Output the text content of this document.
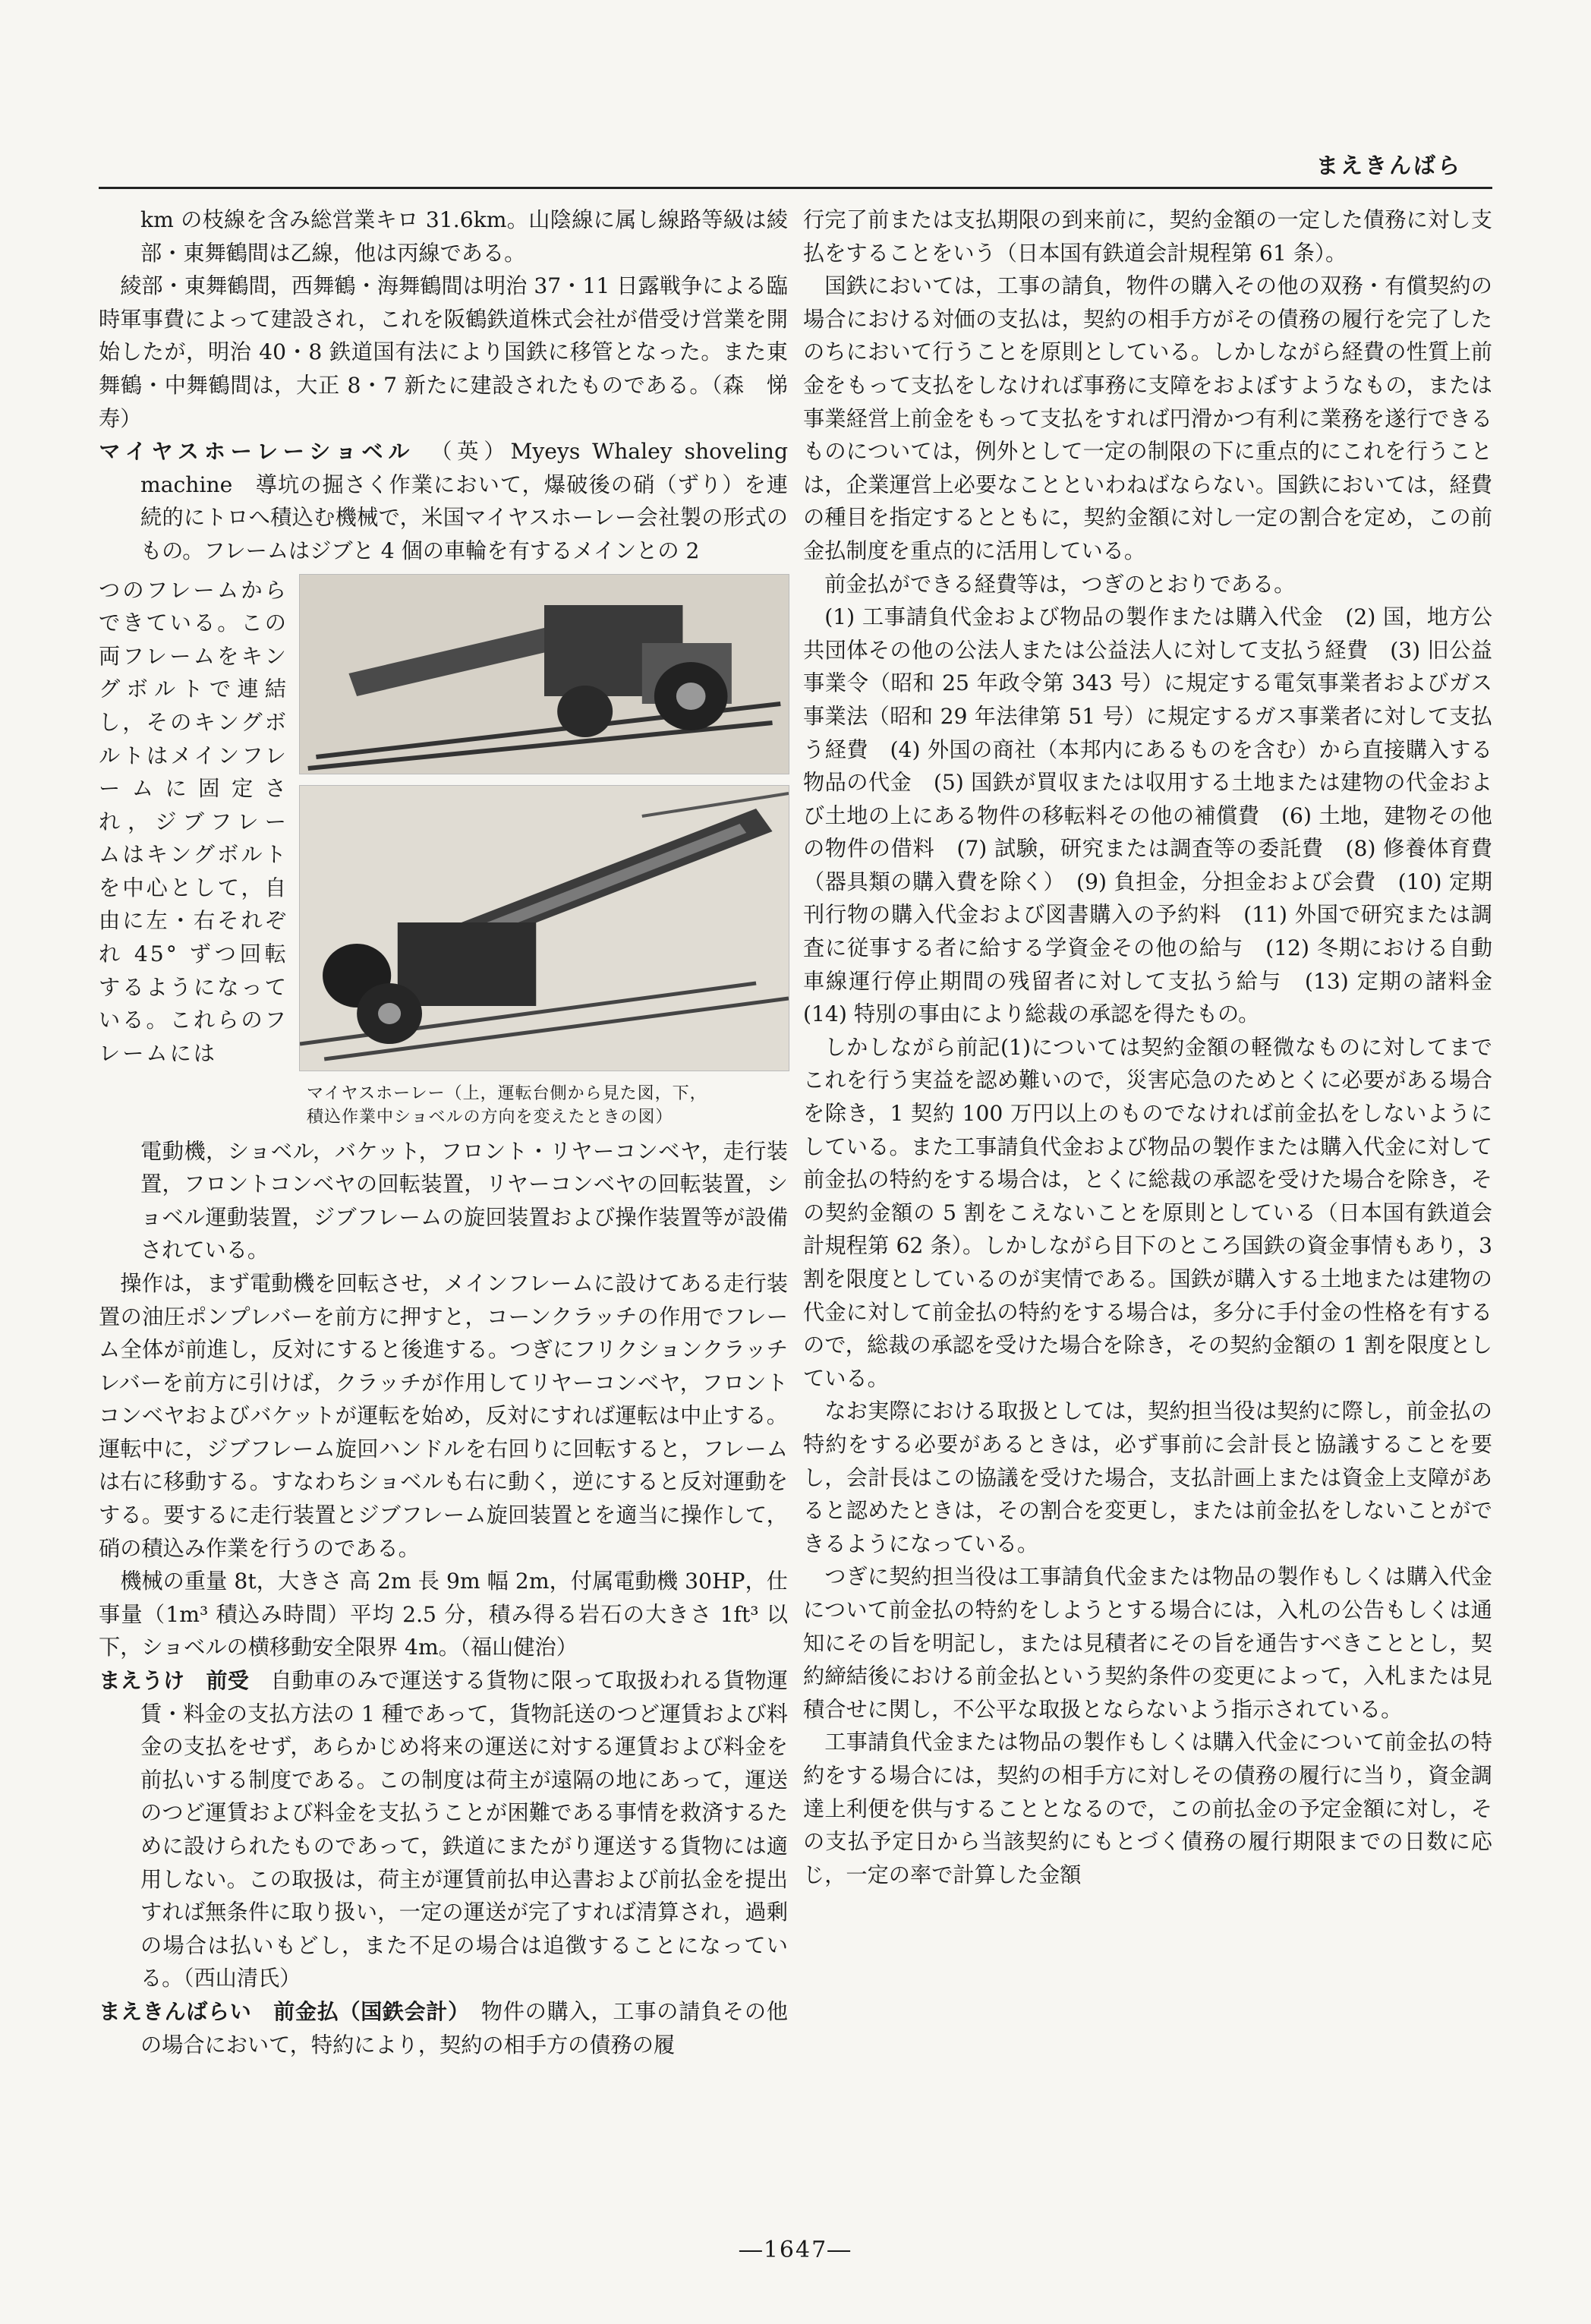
まえきんばら

km の枝線を含み総営業キロ 31.6km。山陰線に属し線路等級は綾部・東舞鶴間は乙線，他は丙線である。

綾部・東舞鶴間，西舞鶴・海舞鶴間は明治 37・11 日露戦争による臨時軍事費によって建設され，これを阪鶴鉄道株式会社が借受け営業を開始したが，明治 40・8 鉄道国有法により国鉄に移管となった。また東舞鶴・中舞鶴間は，大正 8・7 新たに建設されたものである。（森　悌寿）

マイヤスホーレーショベル　 （英）Myeys Whaley shoveling machine　導坑の掘さく作業において，爆破後の硝（ずり）を連続的にトロへ積込む機械で，米国マイヤスホーレー会社製の形式のもの。フレームはジブと 4 個の車輪を有するメインとの 2

つのフレームからできている。この両フレームをキングボルトで連結し，そのキングボルトはメインフレームに固定され，ジブフレームはキングボルトを中心として，自由に左・右それぞれ 45° ずつ回転するようになっている。これらのフレームには
マイヤスホーレー（上，運転台側から見た図，下，
積込作業中ショベルの方向を変えたときの図）

電動機，ショベル，バケット，フロント・リヤーコンベヤ，走行装置，フロントコンベヤの回転装置，リヤーコンベヤの回転装置，ショベル運動装置，ジブフレームの旋回装置および操作装置等が設備されている。

操作は，まず電動機を回転させ，メインフレームに設けてある走行装置の油圧ポンプレバーを前方に押すと，コーンクラッチの作用でフレーム全体が前進し，反対にすると後進する。つぎにフリクションクラッチレバーを前方に引けば，クラッチが作用してリヤーコンベヤ，フロントコンベヤおよびバケットが運転を始め，反対にすれば運転は中止する。運転中に，ジブフレーム旋回ハンドルを右回りに回転すると，フレームは右に移動する。すなわちショベルも右に動く，逆にすると反対運動をする。要するに走行装置とジブフレーム旋回装置とを適当に操作して，硝の積込み作業を行うのである。

機械の重量 8t，大きさ 高 2m 長 9m 幅 2m，付属電動機 30HP，仕事量（1m³ 積込み時間）平均 2.5 分，積み得る岩石の大きさ 1ft³ 以下，ショベルの横移動安全限界 4m。（福山健治）

まえうけ　前受　 自動車のみで運送する貨物に限って取扱われる貨物運賃・料金の支払方法の 1 種であって，貨物託送のつど運賃および料金の支払をせず，あらかじめ将来の運送に対する運賃および料金を前払いする制度である。この制度は荷主が遠隔の地にあって，運送のつど運賃および料金を支払うことが困難である事情を救済するために設けられたものであって，鉄道にまたがり運送する貨物には適用しない。この取扱は，荷主が運賃前払申込書および前払金を提出すれば無条件に取り扱い，一定の運送が完了すれば清算され，過剰の場合は払いもどし，また不足の場合は追徴することになっている。（西山清氏）

まえきんばらい　前金払（国鉄会計）　 物件の購入，工事の請負その他の場合において，特約により，契約の相手方の債務の履

行完了前または支払期限の到来前に，契約金額の一定した債務に対し支払をすることをいう（日本国有鉄道会計規程第 61 条）。

国鉄においては，工事の請負，物件の購入その他の双務・有償契約の場合における対価の支払は，契約の相手方がその債務の履行を完了したのちにおいて行うことを原則としている。しかしながら経費の性質上前金をもって支払をしなければ事務に支障をおよぼすようなもの，または事業経営上前金をもって支払をすれば円滑かつ有利に業務を遂行できるものについては，例外として一定の制限の下に重点的にこれを行うことは，企業運営上必要なことといわねばならない。国鉄においては，経費の種目を指定するとともに，契約金額に対し一定の割合を定め，この前金払制度を重点的に活用している。

前金払ができる経費等は，つぎのとおりである。

(1) 工事請負代金および物品の製作または購入代金　(2) 国，地方公共団体その他の公法人または公益法人に対して支払う経費　(3) 旧公益事業令（昭和 25 年政令第 343 号）に規定する電気事業者およびガス事業法（昭和 29 年法律第 51 号）に規定するガス事業者に対して支払う経費　(4) 外国の商社（本邦内にあるものを含む）から直接購入する物品の代金　(5) 国鉄が買収または収用する土地または建物の代金および土地の上にある物件の移転料その他の補償費　(6) 土地，建物その他の物件の借料　(7) 試験，研究または調査等の委託費　(8) 修養体育費（器具類の購入費を除く）　(9) 負担金，分担金および会費　(10) 定期刊行物の購入代金および図書購入の予約料　(11) 外国で研究または調査に従事する者に給する学資金その他の給与　(12) 冬期における自動車線運行停止期間の残留者に対して支払う給与　(13) 定期の諸料金　(14) 特別の事由により総裁の承認を得たもの。

しかしながら前記(1)については契約金額の軽微なものに対してまでこれを行う実益を認め難いので，災害応急のためとくに必要がある場合を除き，1 契約 100 万円以上のものでなければ前金払をしないようにしている。また工事請負代金および物品の製作または購入代金に対して前金払の特約をする場合は，とくに総裁の承認を受けた場合を除き，その契約金額の 5 割をこえないことを原則としている（日本国有鉄道会計規程第 62 条）。しかしながら目下のところ国鉄の資金事情もあり，3 割を限度としているのが実情である。国鉄が購入する土地または建物の代金に対して前金払の特約をする場合は，多分に手付金の性格を有するので，総裁の承認を受けた場合を除き，その契約金額の 1 割を限度としている。

なお実際における取扱としては，契約担当役は契約に際し，前金払の特約をする必要があるときは，必ず事前に会計長と協議することを要し，会計長はこの協議を受けた場合，支払計画上または資金上支障があると認めたときは，その割合を変更し，または前金払をしないことができるようになっている。

つぎに契約担当役は工事請負代金または物品の製作もしくは購入代金について前金払の特約をしようとする場合には，入札の公告もしくは通知にその旨を明記し，または見積者にその旨を通告すべきこととし，契約締結後における前金払という契約条件の変更によって，入札または見積合せに関し，不公平な取扱とならないよう指示されている。

工事請負代金または物品の製作もしくは購入代金について前金払の特約をする場合には，契約の相手方に対しその債務の履行に当り，資金調達上利便を供与することとなるので，この前払金の予定金額に対し，その支払予定日から当該契約にもとづく債務の履行期限までの日数に応じ，一定の率で計算した金額

―1647―
